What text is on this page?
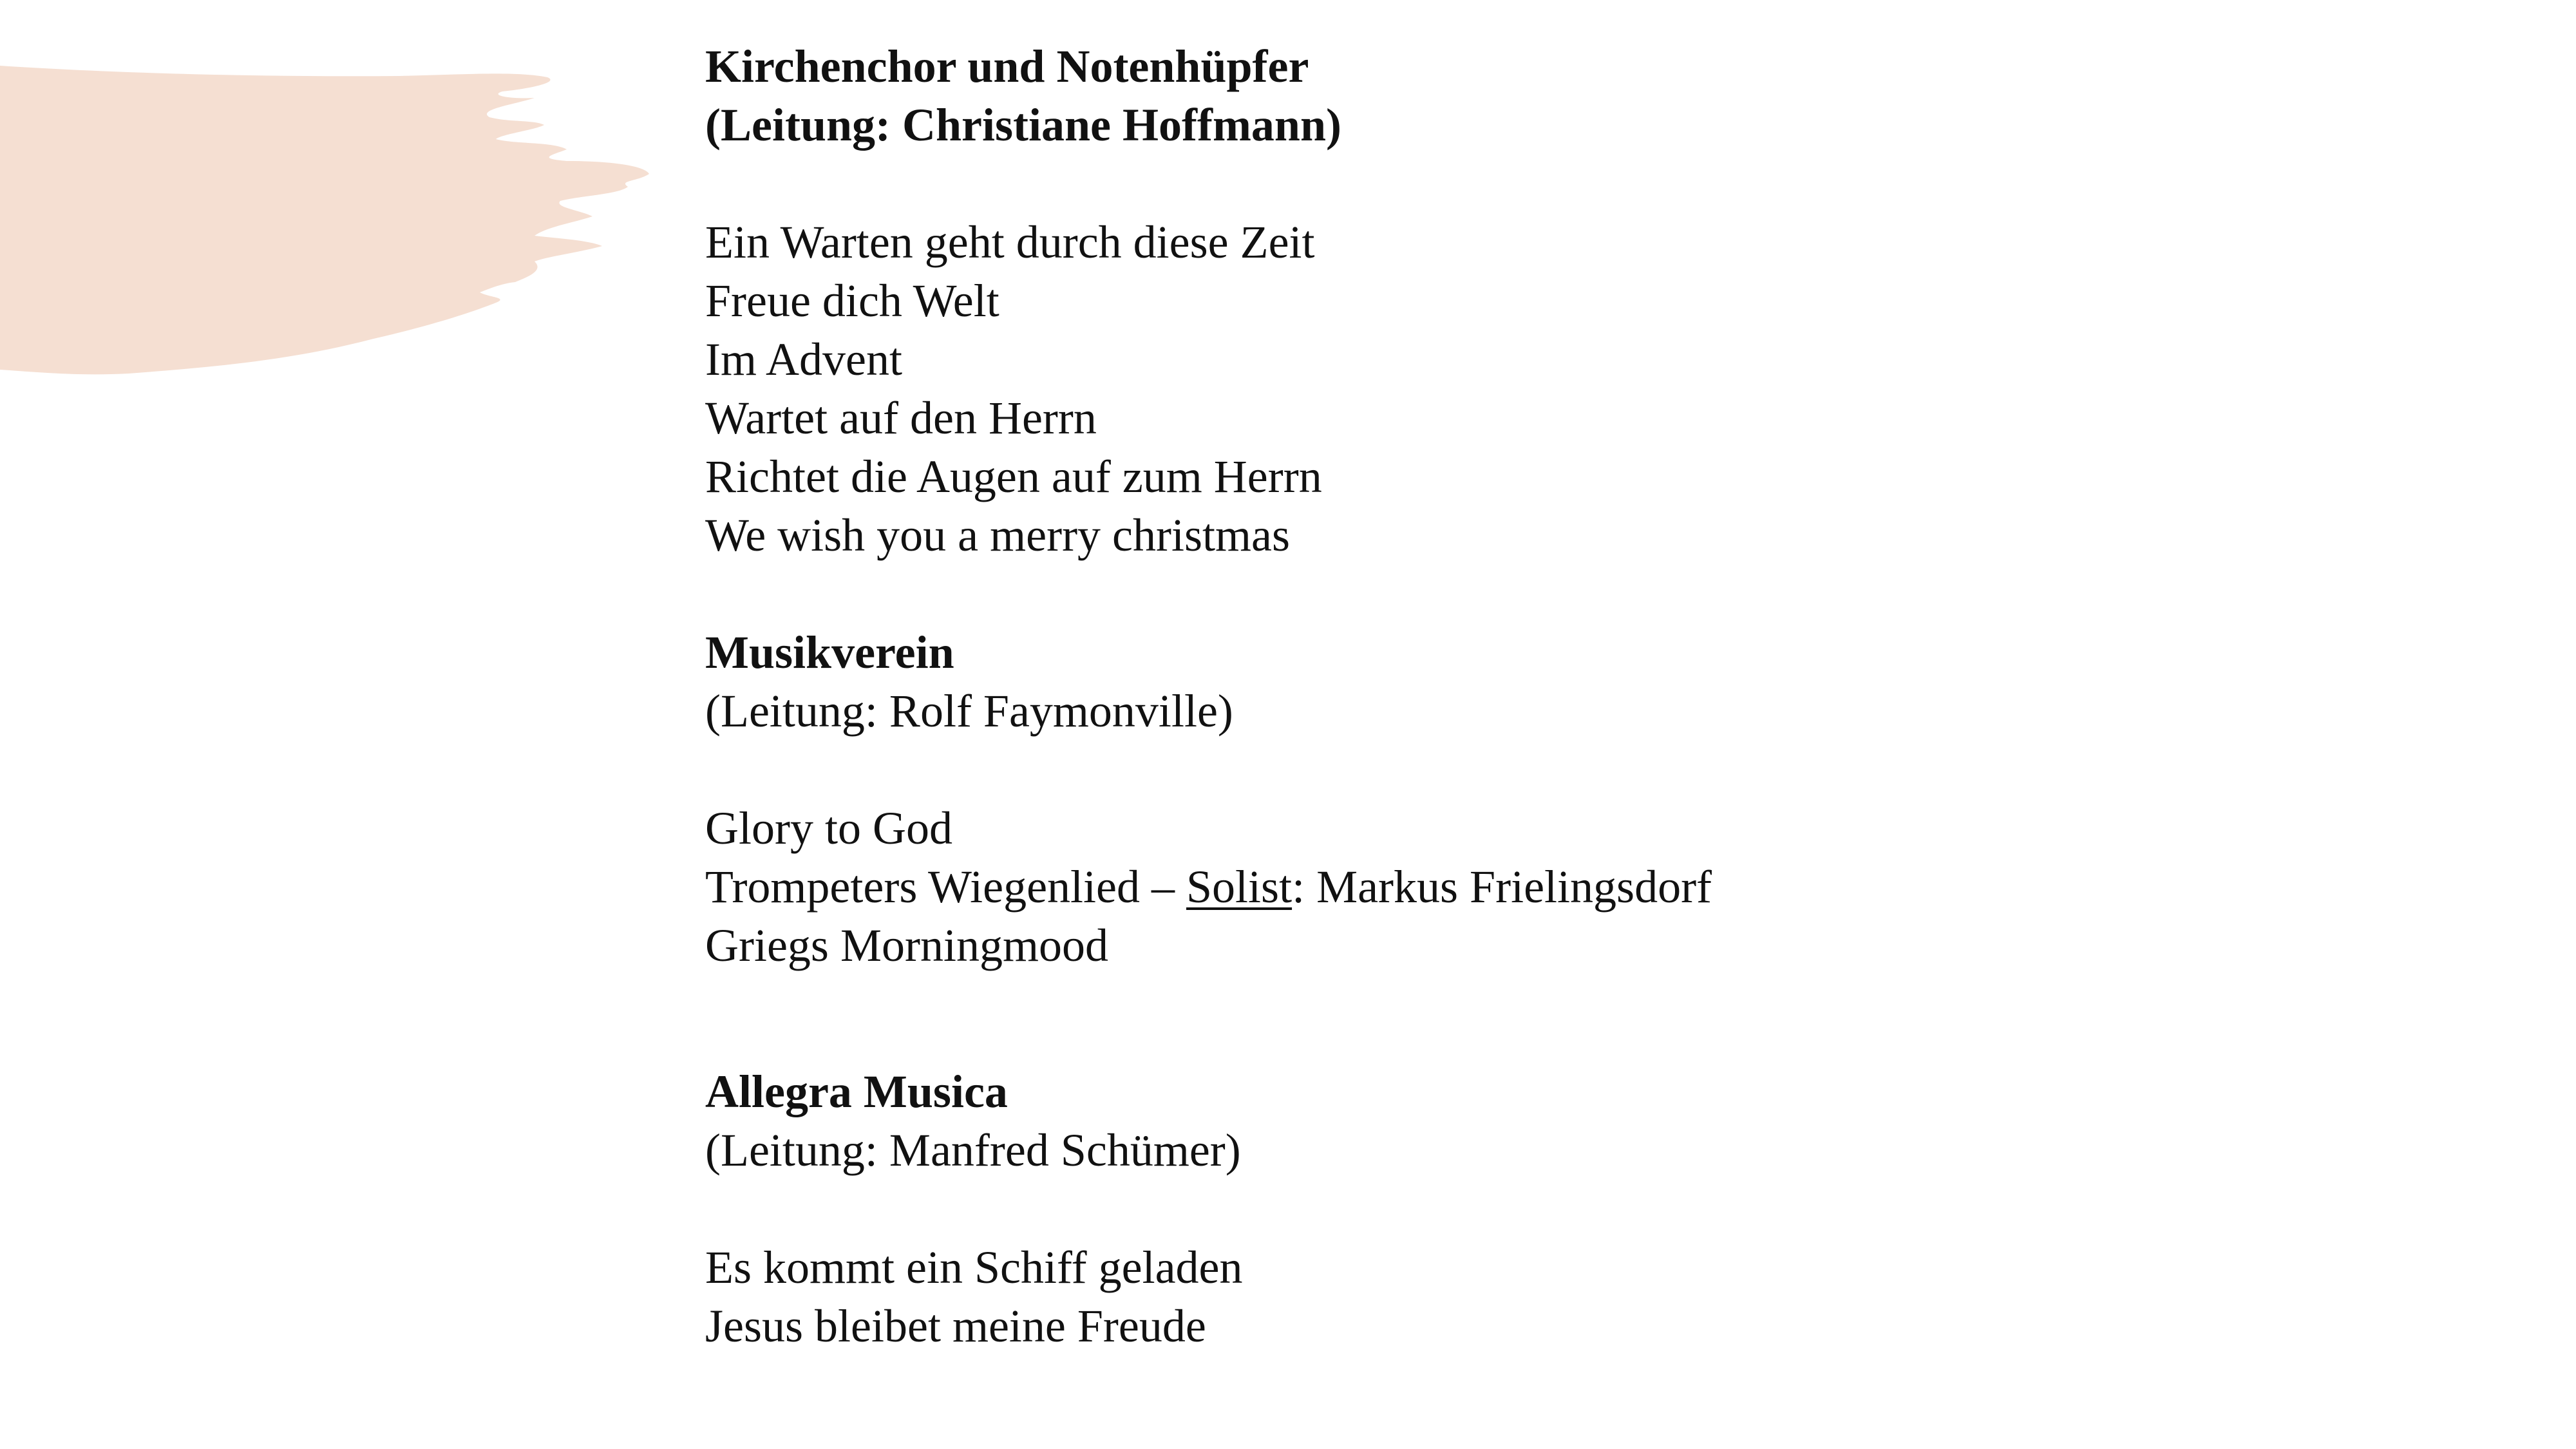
Kirchenchor und Notenhüpfer
(Leitung: Christiane Hoffmann)
Ein Warten geht durch diese Zeit
Freue dich Welt
Im Advent
Wartet auf den Herrn
Richtet die Augen auf zum Herrn
We wish you a merry christmas
Musikverein
(Leitung: Rolf Faymonville)
Glory to God
Trompeters Wiegenlied – Solist: Markus Frielingsdorf
Griegs Morningmood
Allegra Musica
(Leitung: Manfred Schümer)
Es kommt ein Schiff geladen
Jesus bleibet meine Freude
